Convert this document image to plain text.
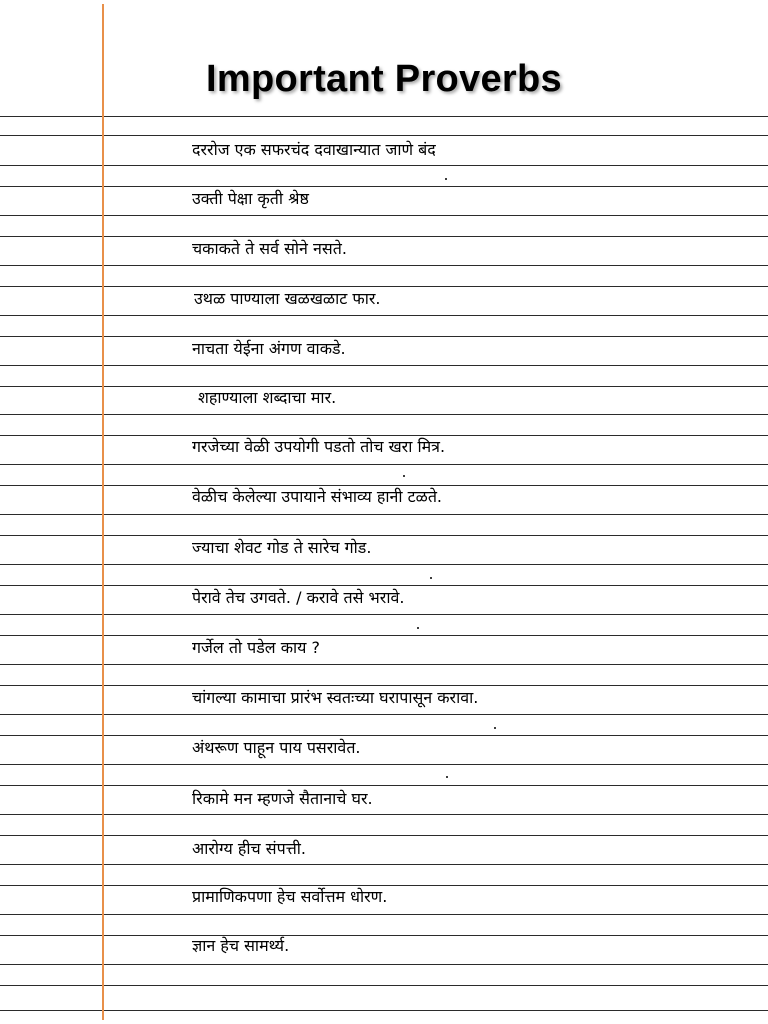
Important Proverbs
दररोज एक सफरचंद दवाखान्यात जाणे बंद
उक्ती पेक्षा कृती श्रेष्ठ
चकाकते ते सर्व सोने नसते.
उथळ पाण्याला खळखळाट फार.
नाचता येईना अंगण वाकडे.
शहाण्याला शब्दाचा मार.
गरजेच्या वेळी उपयोगी पडतो तोच खरा मित्र.
वेळीच केलेल्या उपायाने संभाव्य हानी टळते.
ज्याचा शेवट गोड ते सारेच गोड.
पेरावे तेच उगवते. / करावे तसे भरावे.
गर्जेल तो पडेल काय ?
चांगल्या कामाचा प्रारंभ स्वतःच्या घरापासून करावा.
अंथरूण पाहून पाय पसरावेत.
रिकामे मन म्हणजे सैतानाचे घर.
आरोग्य हीच संपत्ती.
प्रामाणिकपणा हेच सर्वोत्तम धोरण.
ज्ञान हेच सामर्थ्य.
